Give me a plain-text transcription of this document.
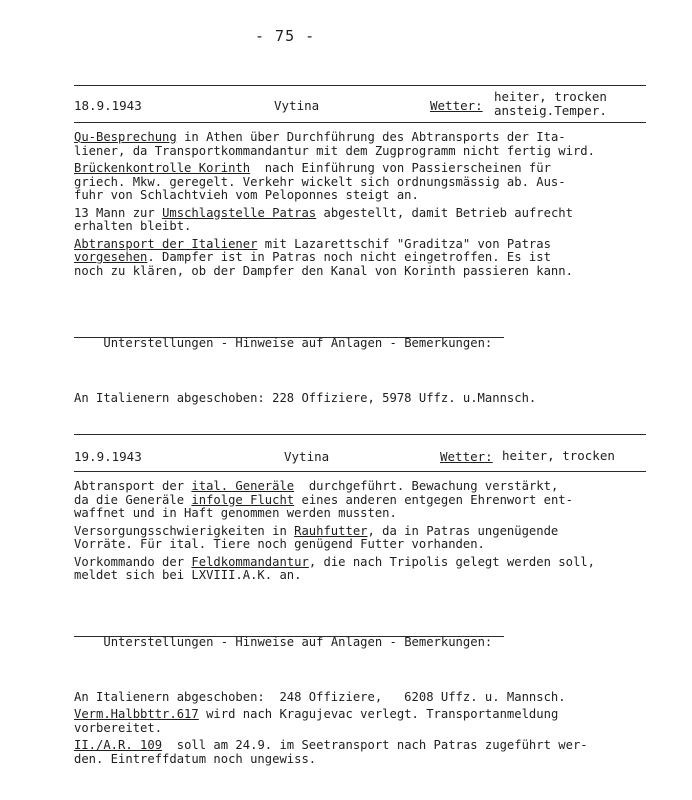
- 75 -
18.9.1943	Vytina	Wetter:
heiter, trocken
ansteig.Temper.

Qu-Besprechung in Athen über Durchführung des Abtransports der Ita-
liener, da Transportkommandantur mit dem Zugprogramm nicht fertig wird.

Brückenkontrolle Korinth  nach Einführung von Passierscheinen für
griech. Mkw. geregelt. Verkehr wickelt sich ordnungsmässig ab. Aus-
fuhr von Schlachtvieh vom Peloponnes steigt an.

13 Mann zur Umschlagstelle Patras abgestellt, damit Betrieb aufrecht
erhalten bleibt.

Abtransport der Italiener mit Lazarettschif "Graditza" von Patras
vorgesehen. Dampfer ist in Patras noch nicht eingetroffen. Es ist
noch zu klären, ob der Dampfer den Kanal von Korinth passieren kann.

Unterstellungen - Hinweise auf Anlagen - Bemerkungen:

An Italienern abgeschoben: 228 Offiziere, 5978 Uffz. u.Mannsch.

19.9.1943	Vytina	Wetter: heiter, trocken

Abtransport der ital. Generäle  durchgeführt. Bewachung verstärkt,
da die Generäle infolge Flucht eines anderen entgegen Ehrenwort ent-
waffnet und in Haft genommen werden mussten.

Versorgungsschwierigkeiten in Rauhfutter, da in Patras ungenügende
Vorräte. Für ital. Tiere noch genügend Futter vorhanden.

Vorkommando der Feldkommandantur, die nach Tripolis gelegt werden soll,
meldet sich bei LXVIII.A.K. an.

Unterstellungen - Hinweise auf Anlagen - Bemerkungen:

An Italienern abgeschoben:  248 Offiziere,   6208 Uffz. u. Mannsch.

Verm.Halbbttr.617 wird nach Kragujevac verlegt. Transportanmeldung
vorbereitet.

II./A.R. 109  soll am 24.9. im Seetransport nach Patras zugeführt wer-
den. Eintreffdatum noch ungewiss.
